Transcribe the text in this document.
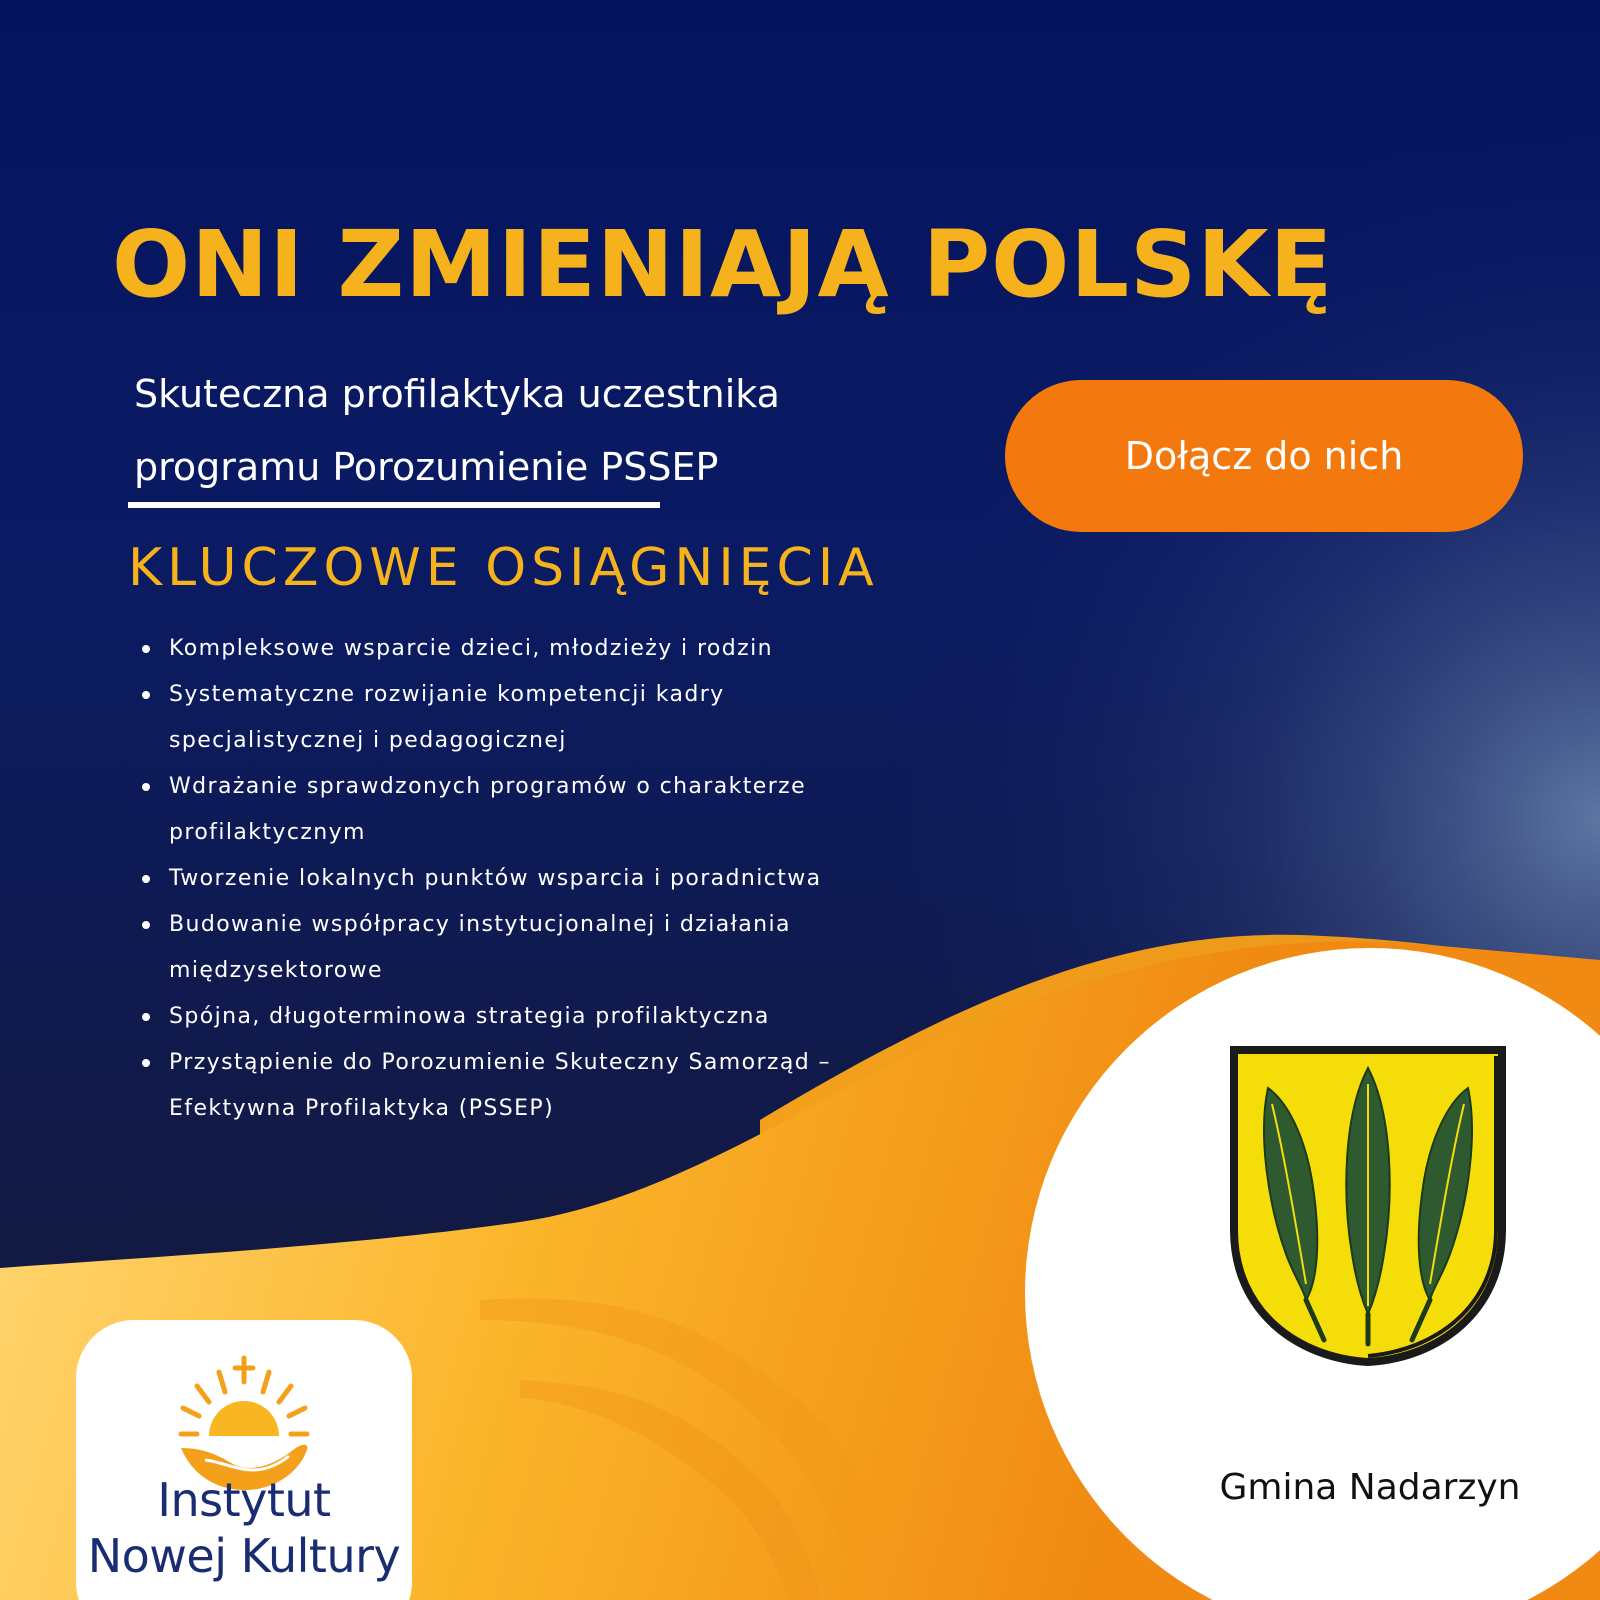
ONI ZMIENIAJĄ POLSKĘ

Skuteczna profilaktyka uczestnika
programu Porozumienie PSSEP	Dołącz do nich
KLUCZOWE OSIĄGNIĘCIA
Kompleksowe wsparcie dzieci, młodzieży i rodzin
Systematyczne rozwijanie kompetencji kadry specjalistycznej i pedagogicznej
Wdrażanie sprawdzonych programów o charakterze profilaktycznym
Tworzenie lokalnych punktów wsparcia i poradnictwa
Budowanie współpracy instytucjonalnej i działania międzysektorowe
Spójna, długoterminowa strategia profilaktyczna
Przystąpienie do Porozumienie Skuteczny Samorząd – Efektywna Profilaktyka (PSSEP)

Instytut
Nowej Kultury

Gmina Nadarzyn
